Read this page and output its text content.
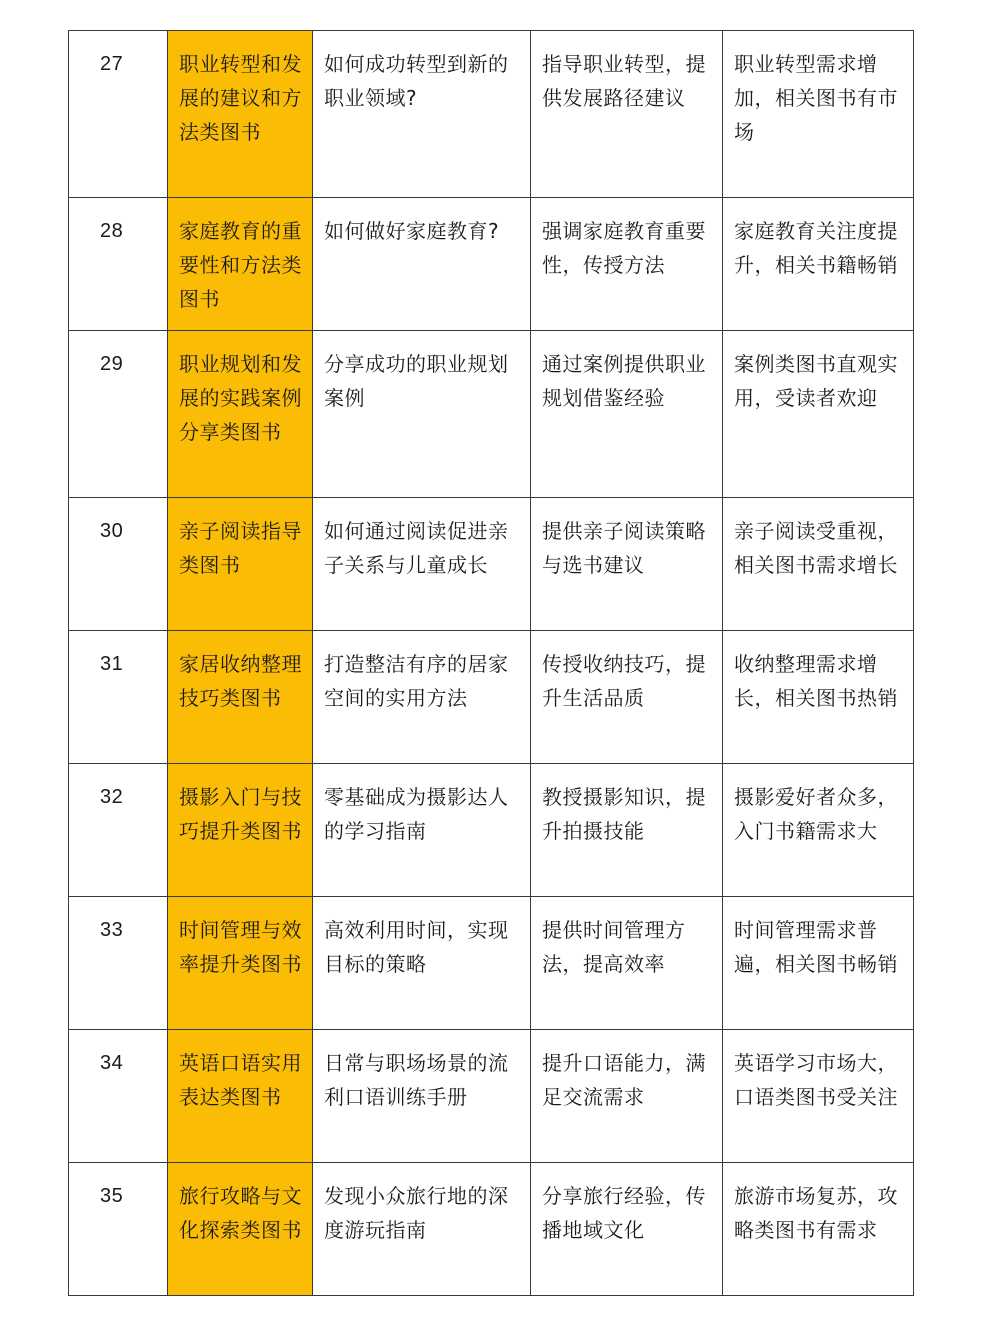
27	职业转型和发展的建议和方法类图书	如何成功转型到新的职业领域?	指导职业转型，提供发展路径建议	职业转型需求增加，相关图书有市场
28	家庭教育的重要性和方法类图书	如何做好家庭教育?	强调家庭教育重要性，传授方法	家庭教育关注度提升，相关书籍畅销
29	职业规划和发展的实践案例分享类图书	分享成功的职业规划案例	通过案例提供职业规划借鉴经验	案例类图书直观实用，受读者欢迎
30	亲子阅读指导类图书	如何通过阅读促进亲子关系与儿童成长	提供亲子阅读策略与选书建议	亲子阅读受重视，相关图书需求增长
31	家居收纳整理技巧类图书	打造整洁有序的居家空间的实用方法	传授收纳技巧，提升生活品质	收纳整理需求增长，相关图书热销
32	摄影入门与技巧提升类图书	零基础成为摄影达人的学习指南	教授摄影知识，提升拍摄技能	摄影爱好者众多，入门书籍需求大
33	时间管理与效率提升类图书	高效利用时间，实现目标的策略	提供时间管理方法，提高效率	时间管理需求普遍，相关图书畅销
34	英语口语实用表达类图书	日常与职场场景的流利口语训练手册	提升口语能力，满足交流需求	英语学习市场大，口语类图书受关注
35	旅行攻略与文化探索类图书	发现小众旅行地的深度游玩指南	分享旅行经验，传播地域文化	旅游市场复苏，攻略类图书有需求
